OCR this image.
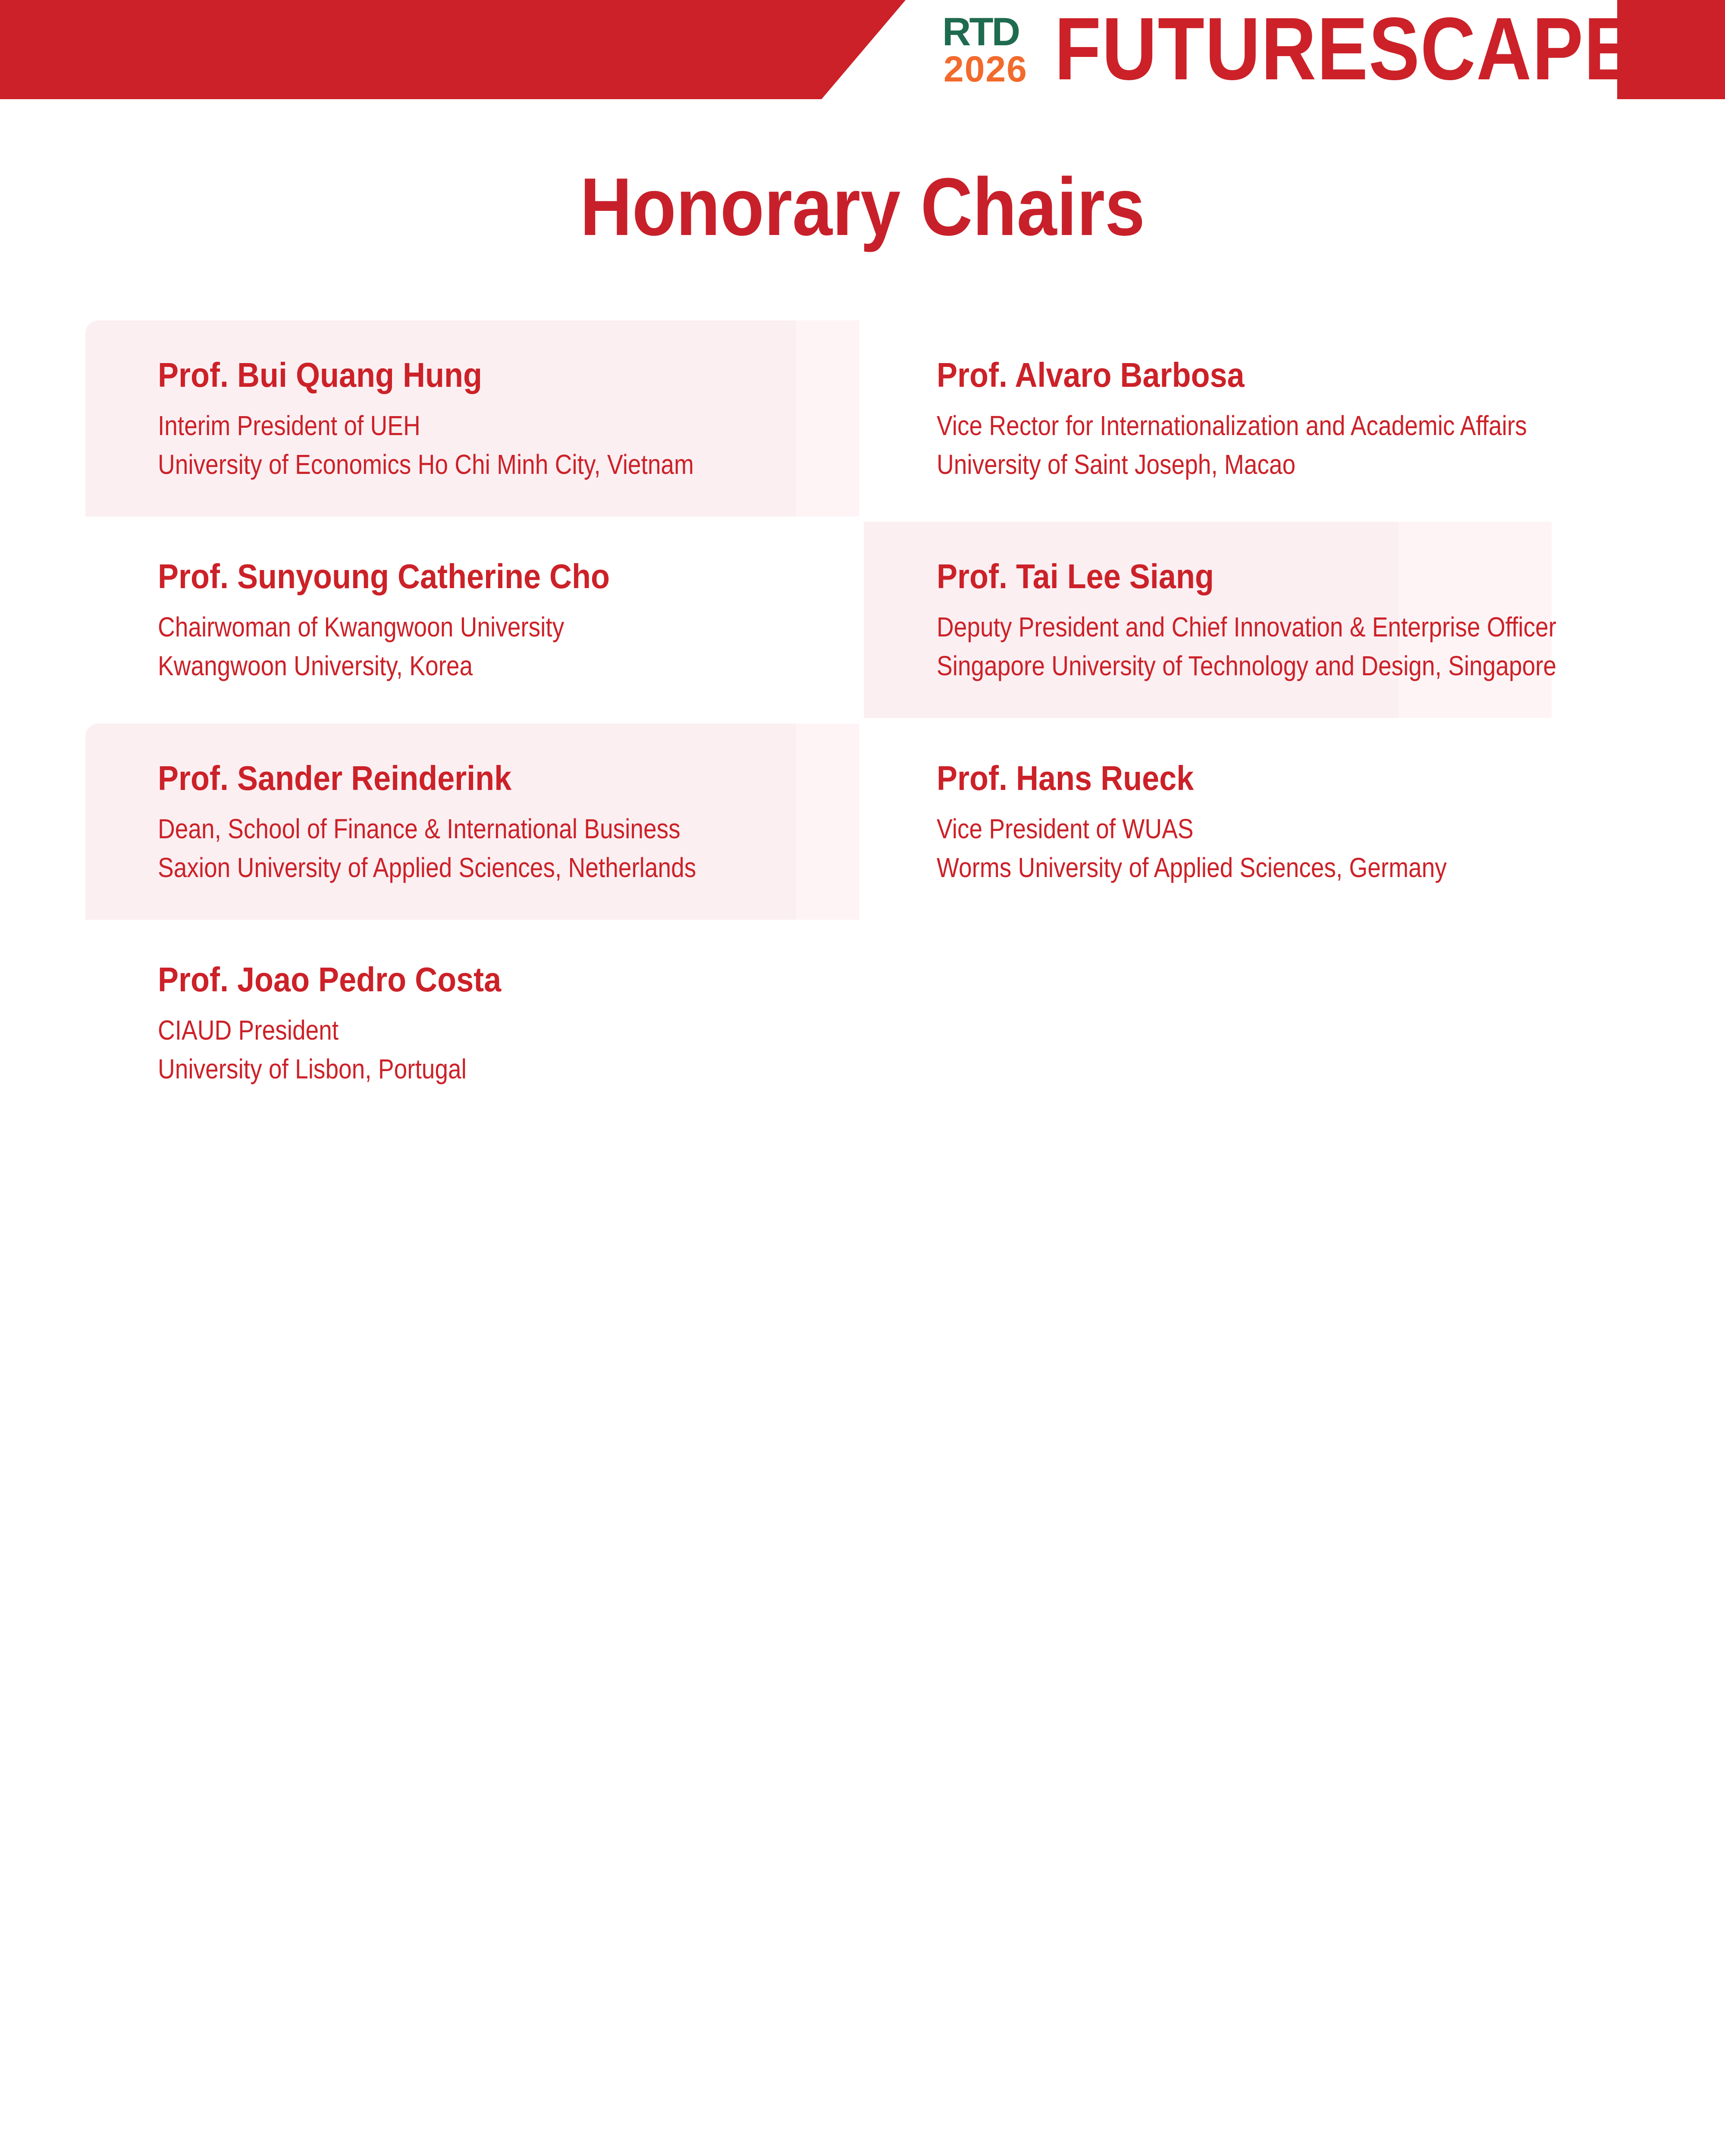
RTD
2026 FUTURESCAPE
Honorary Chairs
Prof. Bui Quang Hung
Interim President of UEH
University of Economics Ho Chi Minh City, Vietnam
Prof. Alvaro Barbosa
Vice Rector for Internationalization and Academic Affairs
University of Saint Joseph, Macao
Prof. Sunyoung Catherine Cho
Chairwoman of Kwangwoon University
Kwangwoon University, Korea
Prof. Tai Lee Siang
Deputy President and Chief Innovation & Enterprise Officer
Singapore University of Technology and Design, Singapore
Prof. Sander Reinderink
Dean, School of Finance & International Business
Saxion University of Applied Sciences, Netherlands
Prof. Hans Rueck
Vice President of WUAS
Worms University of Applied Sciences, Germany
Prof. Joao Pedro Costa
CIAUD President
University of Lisbon, Portugal
